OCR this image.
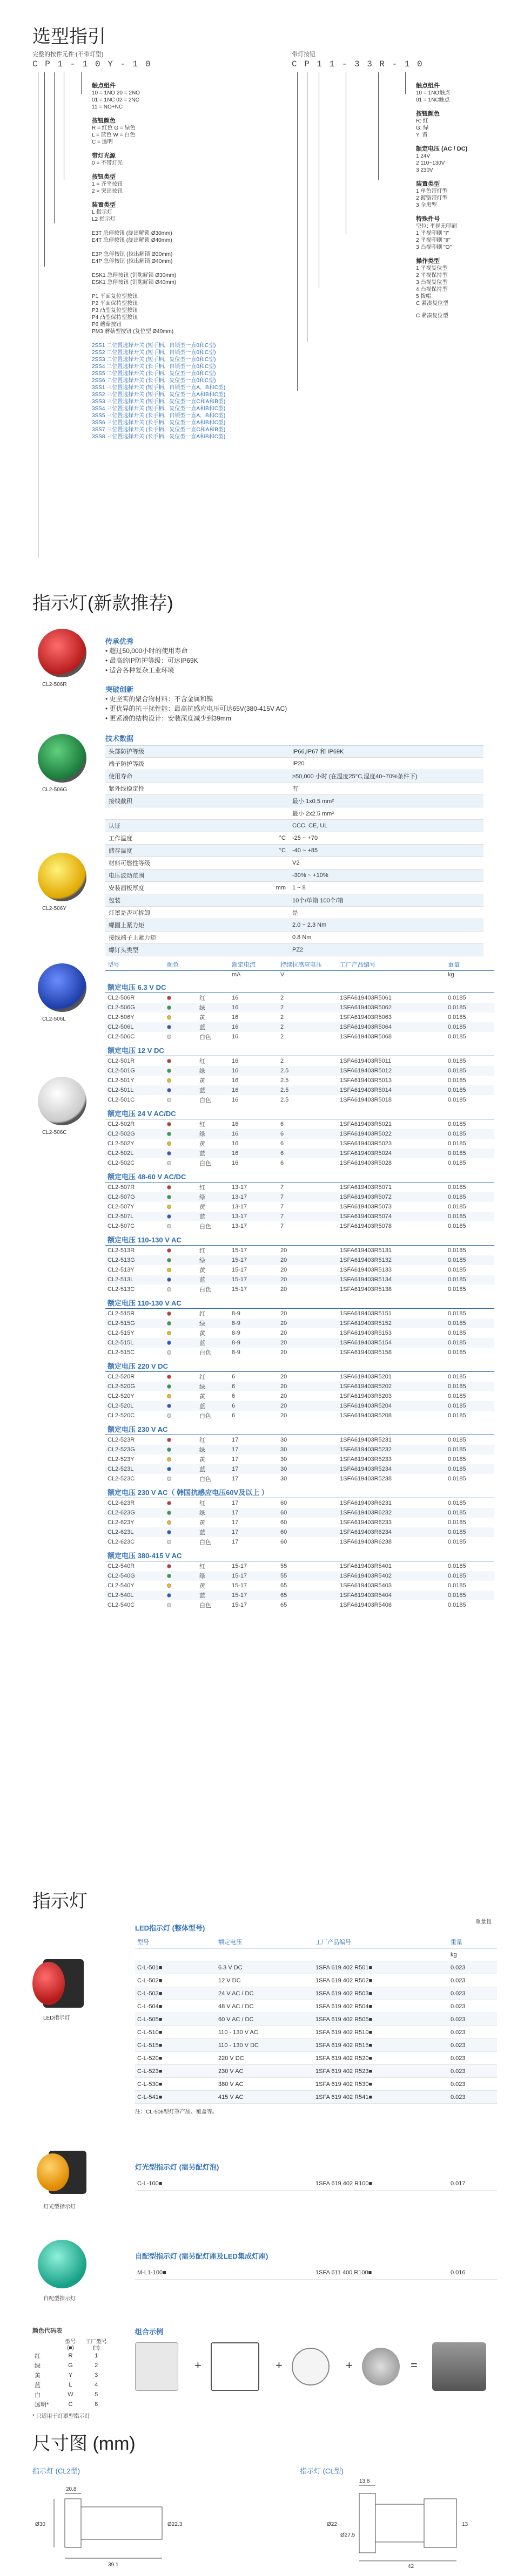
选型指引
完整的按件元件 (不带灯型)
C P 1 - 1 0 Y - 1 0
触点组件
10 = 1NO 20 = 2NO
01 = 1NC 02 = 2NC
11 = NO+NC
按钮颜色
R = 红色 G = 绿色
L = 蓝色 W = 白色
C = 透明
带灯光源
0 = 不带灯光
按钮类型
1 = 齐平按钮
2 = 突出按钮
装置类型
L 指示灯
L2 指示灯

E3T 急停按钮 (旋出解锁 Ø30mm)
E4T 急停按钮 (旋出解锁 Ø40mm)

E3P 急停按钮 (拉出解锁 Ø30mm)
E4P 急停按钮 (拉出解锁 Ø40mm)

ESK1 急停按钮 (钥匙解锁 Ø30mm)
ESK1 急停按钮 (钥匙解锁 Ø40mm)

P1 平面复位型按钮
P2 平面保持型按钮
P3 凸型复位型按钮
P4 凸型保持型按钮
P6 蘑菇按钮
PM3 蘑菇型按钮 (复位型 Ø40mm)

2SS1 二位置选择开关 (短手柄，自锁型一直0和C型)
2SS2 二位置选择开关 (短手柄，自锁型一直0和C型)
2SS3 二位置选择开关 (短手柄，复位型一直0和C型)
2SS4 二位置选择开关 (长手柄，自锁型一直0和C型)
2SS5 二位置选择开关 (长手柄，复位型一直0和C型)
2SS6 二位置选择开关 (长手柄，复位型一直0和C型)
3SS1 三位置选择开关 (短手柄，自锁型一直A，B和C型)
3SS2 三位置选择开关 (短手柄，复位型一直A和B和C型)
3SS3 三位置选择开关 (短手柄，复位型一直C和A和B型)
3SS4 三位置选择开关 (短手柄，复位型一直A和B和C型)
3SS5 三位置选择开关 (长手柄，自锁型一直A，B和C型)
3SS6 三位置选择开关 (长手柄，复位型一直A和B和C型)
3SS7 三位置选择开关 (长手柄，复位型一直C和A和B型)
3SS8 三位置选择开关 (长手柄，复位型一直A和B和C型)
带灯按钮
C P 1 1 - 3 3 R - 1 0
触点组件
10 = 1NO触点
01 = 1NC触点
按钮颜色
R: 红
G: 绿
Y: 黄
额定电压 (AC / DC)
1 24V
2 110~130V
3 230V
装置类型
1 单色带灯型
2 镀铬带灯型
3 全黑型
特殊件号
空位: 平视无印刷
1 平视印刷 "I"
2 平视印刷 "II"
3 凸视印刷 "O"
操作类型
1 平视复位型
2 平视保持型
3 凸视复位型
4 凸视保持型
5 拨帽
C 紧凑复位型
C 紧凑复位型
指示灯(新款推荐)
CL2-506R
CL2-506G
CL2-506Y
CL2-506L
CL2-506C
传承优秀
• 超过50,000小时的使用寿命
• 最高的IP防护等级：可达IP69K
• 适合各种复杂工业环境
突破创新
• 更坚实的聚合物材料：不含金属和镍
• 更优异的抗干扰性能：最高抗感应电压可达65V(380-415V AC)
• 更紧凑的结构设计：安装深度减少到39mm
技术数据
头部防护等级		IP66,IP67 和 IP69K
端子防护等级		IP20
使用寿命		≥50,000 小时 (在温度25°C,湿度40~70%条件下)
紧外线稳定性		有
接线截积		最小 1x0.5 mm²
		最小 2x2.5 mm²
认证		CCC, CE, UL
工作温度	°C	-25 ~ +70
储存温度	°C	-40 ~ +85
材料可燃性等级		V2
电压波动范围		-30% ~ +10%
安装面板厚度	mm	1 ~ 8
包装		10个/单箱 100个/箱
灯罩是否可拆卸		是
螺圈上紧力矩		2.0 ~ 2.3 Nm
接线端子上紧力矩		0.8 Nm
螺钉头类型		PZ2
型号	颜色		额定电流	持续抗感应电压	工厂产品编号	重量
			mA	V		kg
额定电压 6.3 V DC						
CL2-506R		红	16	2	1SFA619403R5061	0.0185
CL2-506G		绿	16	2	1SFA619403R5062	0.0185
CL2-506Y		黄	16	2	1SFA619403R5063	0.0185
CL2-506L		蓝	16	2	1SFA619403R5064	0.0185
CL2-506C		白色	16	2	1SFA619403R5068	0.0185
额定电压 12 V DC						
CL2-501R		红	16	2	1SFA619403R5011	0.0185
CL2-501G		绿	16	2.5	1SFA619403R5012	0.0185
CL2-501Y		黄	16	2.5	1SFA619403R5013	0.0185
CL2-501L		蓝	16	2.5	1SFA619403R5014	0.0185
CL2-501C		白色	16	2.5	1SFA619403R5018	0.0185
额定电压 24 V AC/DC						
CL2-502R		红	16	6	1SFA619403R5021	0.0185
CL2-502G		绿	16	6	1SFA619403R5022	0.0185
CL2-502Y		黄	16	6	1SFA619403R5023	0.0185
CL2-502L		蓝	16	6	1SFA619403R5024	0.0185
CL2-502C		白色	16	6	1SFA619403R5028	0.0185
额定电压 48-60 V AC/DC						
CL2-507R		红	13-17	7	1SFA619403R5071	0.0185
CL2-507G		绿	13-17	7	1SFA619403R5072	0.0185
CL2-507Y		黄	13-17	7	1SFA619403R5073	0.0185
CL2-507L		蓝	13-17	7	1SFA619403R5074	0.0185
CL2-507C		白色	13-17	7	1SFA619403R5078	0.0185
额定电压 110-130 V AC						
CL2-513R		红	15-17	20	1SFA619403R5131	0.0185
CL2-513G		绿	15-17	20	1SFA619403R5132	0.0185
CL2-513Y		黄	15-17	20	1SFA619403R5133	0.0185
CL2-513L		蓝	15-17	20	1SFA619403R5134	0.0185
CL2-513C		白色	15-17	20	1SFA619403R5138	0.0185
额定电压 110-130 V AC						
CL2-515R		红	8-9	20	1SFA619403R5151	0.0185
CL2-515G		绿	8-9	20	1SFA619403R5152	0.0185
CL2-515Y		黄	8-9	20	1SFA619403R5153	0.0185
CL2-515L		蓝	8-9	20	1SFA619403R5154	0.0185
CL2-515C		白色	8-9	20	1SFA619403R5158	0.0185
额定电压 220 V DC						
CL2-520R		红	6	20	1SFA619403R5201	0.0185
CL2-520G		绿	6	20	1SFA619403R5202	0.0185
CL2-520Y		黄	6	20	1SFA619403R5203	0.0185
CL2-520L		蓝	6	20	1SFA619403R5204	0.0185
CL2-520C		白色	6	20	1SFA619403R5208	0.0185
额定电压 230 V AC						
CL2-523R		红	17	30	1SFA619403R5231	0.0185
CL2-523G		绿	17	30	1SFA619403R5232	0.0185
CL2-523Y		黄	17	30	1SFA619403R5233	0.0185
CL2-523L		蓝	17	30	1SFA619403R5234	0.0185
CL2-523C		白色	17	30	1SFA619403R5238	0.0185
额定电压 230 V AC（ 韩国抗感应电压60V及以上 ）						
CL2-623R		红	17	60	1SFA619403R6231	0.0185
CL2-623G		绿	17	60	1SFA619403R6232	0.0185
CL2-623Y		黄	17	60	1SFA619403R6233	0.0185
CL2-623L		蓝	17	60	1SFA619403R6234	0.0185
CL2-623C		白色	17	60	1SFA619403R6238	0.0185
额定电压 380-415 V AC						
CL2-540R		红	15-17	55	1SFA619403R5401	0.0185
CL2-540G		绿	15-17	55	1SFA619403R5402	0.0185
CL2-540Y		黄	15-17	65	1SFA619403R5403	0.0185
CL2-540L		蓝	15-17	65	1SFA619403R5404	0.0185
CL2-540C		白色	15-17	65	1SFA619403R5408	0.0185
指示灯
LED指示灯
LED指示灯 (整体型号)
重量包
型号	额定电压	工厂产品编号	重量
			kg
C-L-501■	6.3 V DC	1SFA 619 402 R501■	0.023
C-L-502■	12 V DC	1SFA 619 402 R502■	0.023
C-L-503■	24 V AC / DC	1SFA 619 402 R503■	0.023
C-L-504■	48 V AC / DC	1SFA 619 402 R504■	0.023
C-L-505■	60 V AC / DC	1SFA 619 402 R505■	0.023
C-L-510■	110 - 130 V AC	1SFA 619 402 R510■	0.023
C-L-515■	110 - 130 V DC	1SFA 619 402 R515■	0.023
C-L-520■	220 V DC	1SFA 619 402 R520■	0.023
C-L-523■	230 V AC	1SFA 619 402 R523■	0.023
C-L-530■	380 V AC	1SFA 619 402 R530■	0.023
C-L-541■	415 V AC	1SFA 619 402 R541■	0.023
注：CL-506型灯罩产品、覆盖等。
灯光型指示灯
灯光型指示灯 (需另配灯泡)
C-L-100■		1SFA 619 402 R100■	0.017
自配型指示灯
自配型指示灯 (需另配灯座及LED集成灯座)
M-L1-100■		1SFA 611 400 R100■	0.016
颜色代码表
	型号	工厂型号
	(■)	(□)
红	R	1
绿	G	2
黄	Y	3
蓝	L	4
白	W	5
透明*	C	8
* 只适用于灯罩型指示灯
组合示例
+	+	+	=
尺寸图 (mm)
指示灯 (CL2型)
39.1
20.8
Ø30	Ø22.3
指示灯 (CL型)
13.8
Ø22
Ø27.5
42
13
